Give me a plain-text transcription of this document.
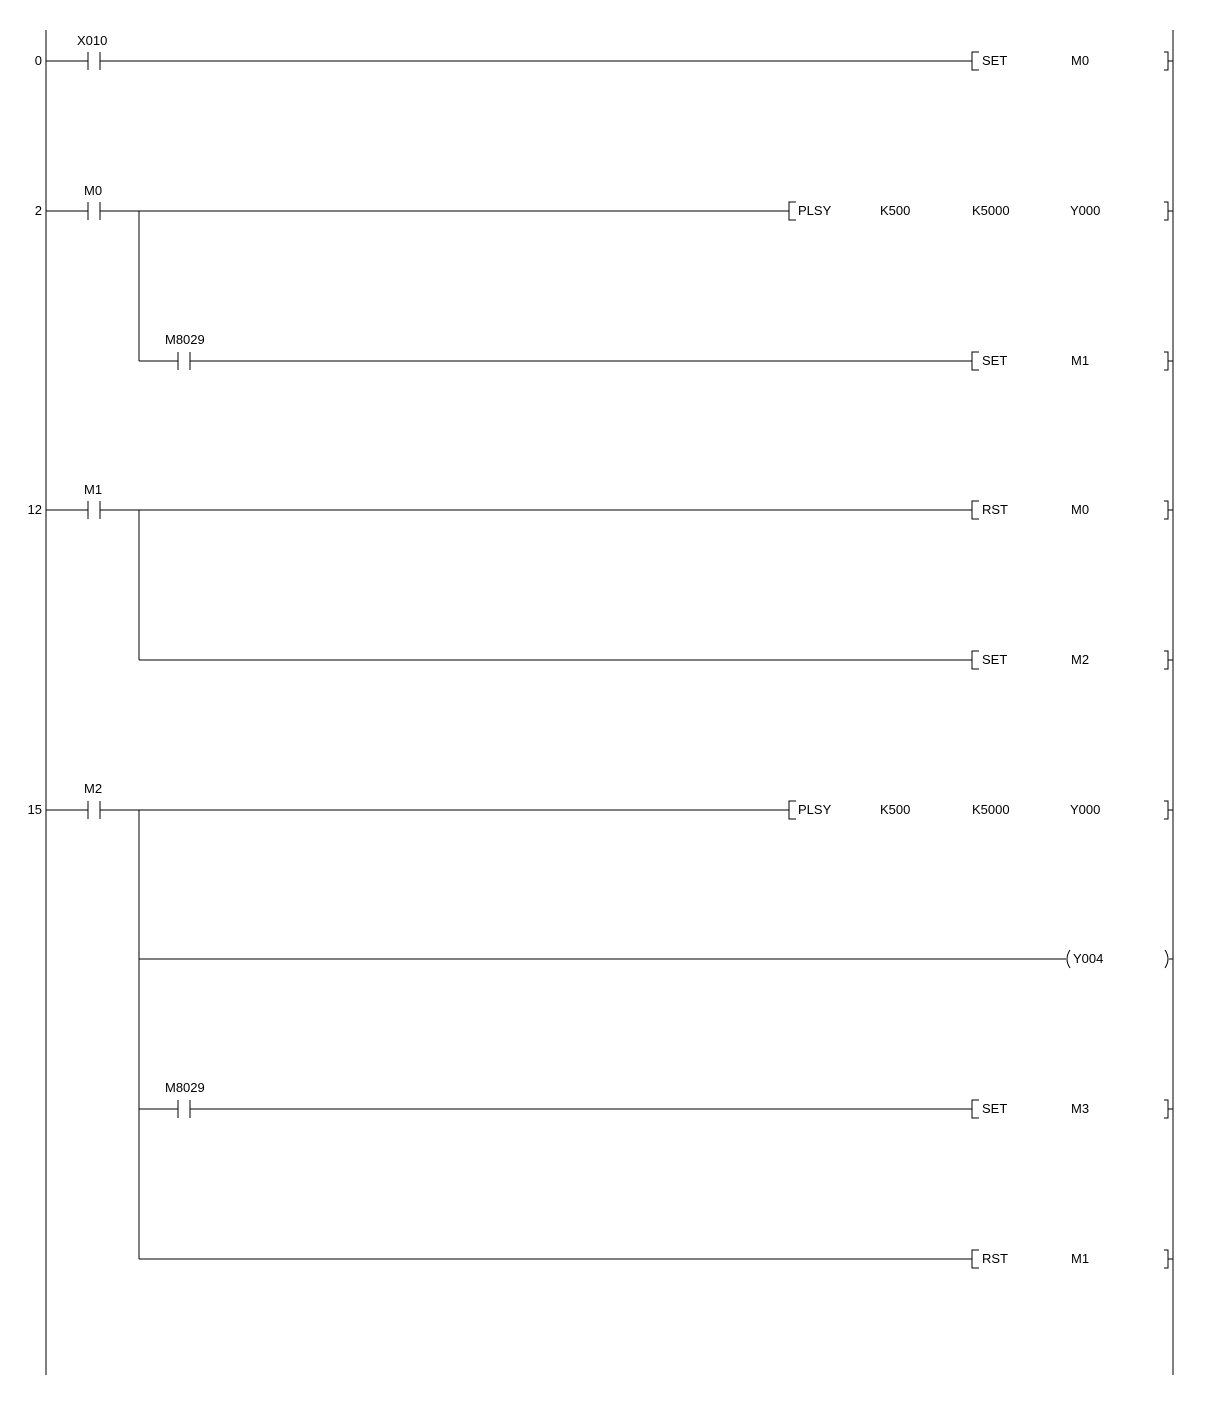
0
X010
SET	M0
2
M0
PLSY	K500	K5000	Y000
M8029
SET	M1
12
M1
RST	M0
SET	M2
15
M2
PLSY	K500	K5000	Y000
Y004
M8029
SET	M3
RST	M1
